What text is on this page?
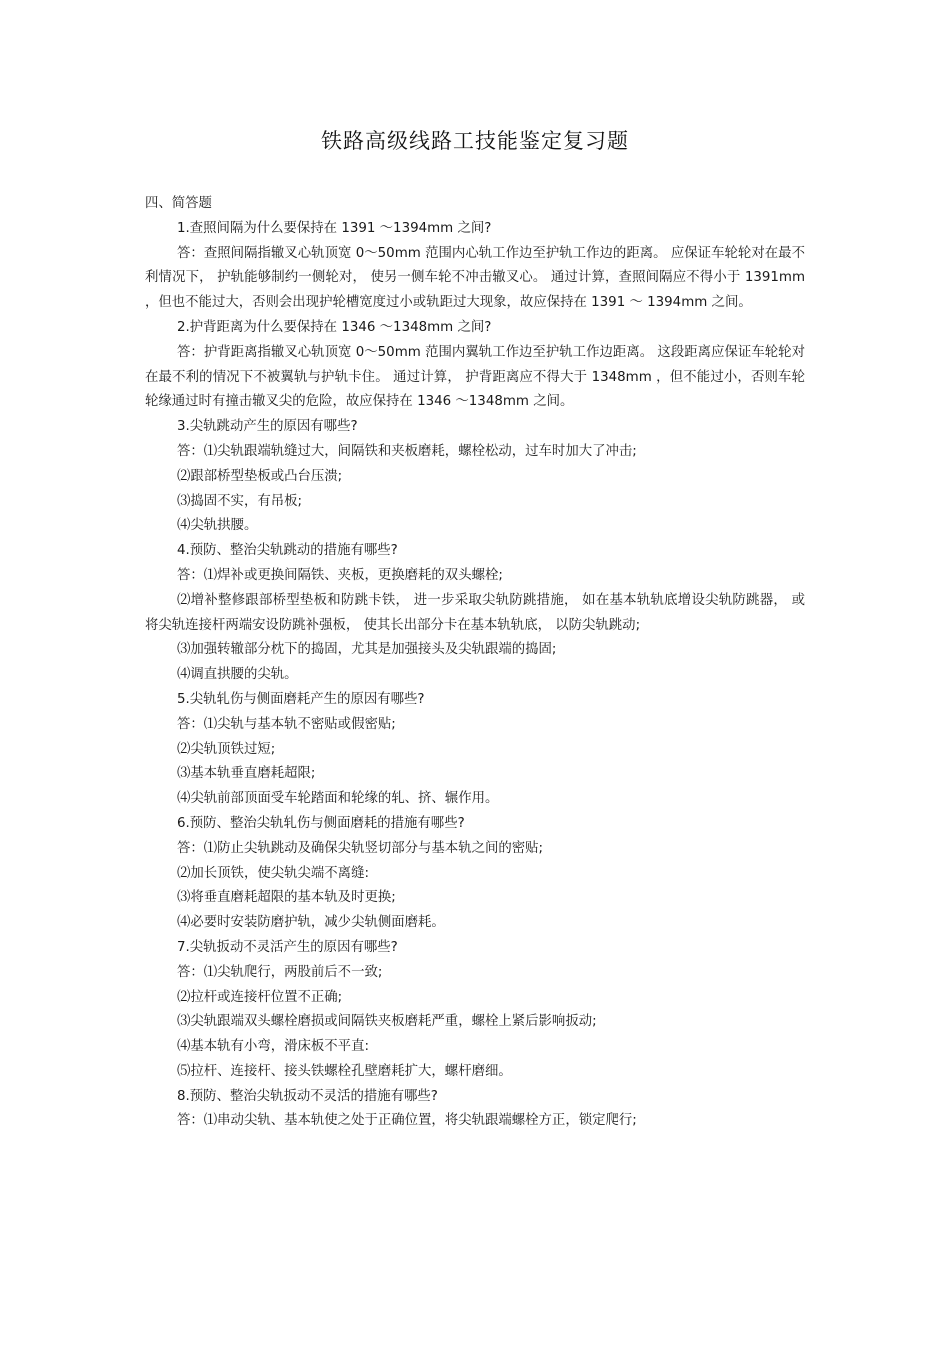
铁路高级线路工技能鉴定复习题
四、简答题
1.查照间隔为什么要保持在 1391 ～1394mm 之间?
答：查照间隔指辙叉心轨顶宽 0～50mm 范围内心轨工作边至护轨工作边的距离。 应保证车轮轮对在最不利情况下， 护轨能够制约一侧轮对， 使另一侧车轮不冲击辙叉心。 通过计算，查照间隔应不得小于 1391mm ，但也不能过大，否则会出现护轮槽宽度过小或轨距过大现象，故应保持在 1391 ～ 1394mm 之间。
2.护背距离为什么要保持在 1346 ～1348mm 之间?
答：护背距离指辙叉心轨顶宽 0～50mm 范围内翼轨工作边至护轨工作边距离。 这段距离应保证车轮轮对在最不利的情况下不被翼轨与护轨卡住。 通过计算， 护背距离应不得大于 1348mm ，但不能过小，否则车轮轮缘通过时有撞击辙叉尖的危险，故应保持在 1346 ～1348mm 之间。
3.尖轨跳动产生的原因有哪些?
答：⑴尖轨跟端轨缝过大，间隔铁和夹板磨耗，螺栓松动，过车时加大了冲击;
⑵跟部桥型垫板或凸台压溃;
⑶捣固不实，有吊板;
⑷尖轨拱腰。
4.预防、整治尖轨跳动的措施有哪些?
答：⑴焊补或更换间隔铁、夹板，更换磨耗的双头螺栓;
⑵增补整修跟部桥型垫板和防跳卡铁， 进一步采取尖轨防跳措施， 如在基本轨轨底增设尖轨防跳器， 或将尖轨连接杆两端安设防跳补强板， 使其长出部分卡在基本轨轨底， 以防尖轨跳动;
⑶加强转辙部分枕下的捣固，尤其是加强接头及尖轨跟端的捣固;
⑷调直拱腰的尖轨。
5.尖轨轧伤与侧面磨耗产生的原因有哪些?
答：⑴尖轨与基本轨不密贴或假密贴;
⑵尖轨顶铁过短;
⑶基本轨垂直磨耗超限;
⑷尖轨前部顶面受车轮踏面和轮缘的轧、挤、辗作用。
6.预防、整治尖轨轧伤与侧面磨耗的措施有哪些?
答：⑴防止尖轨跳动及确保尖轨竖切部分与基本轨之间的密贴;
⑵加长顶铁，使尖轨尖端不离缝:
⑶将垂直磨耗超限的基本轨及时更换;
⑷必要时安装防磨护轨，减少尖轨侧面磨耗。
7.尖轨扳动不灵活产生的原因有哪些?
答：⑴尖轨爬行，两股前后不一致;
⑵拉杆或连接杆位置不正确;
⑶尖轨跟端双头螺栓磨损或间隔铁夹板磨耗严重，螺栓上紧后影响扳动;
⑷基本轨有小弯，滑床板不平直:
⑸拉杆、连接杆、接头铁螺栓孔壁磨耗扩大，螺杆磨细。
8.预防、整治尖轨扳动不灵活的措施有哪些?
答：⑴串动尖轨、基本轨使之处于正确位置，将尖轨跟端螺栓方正，锁定爬行;
